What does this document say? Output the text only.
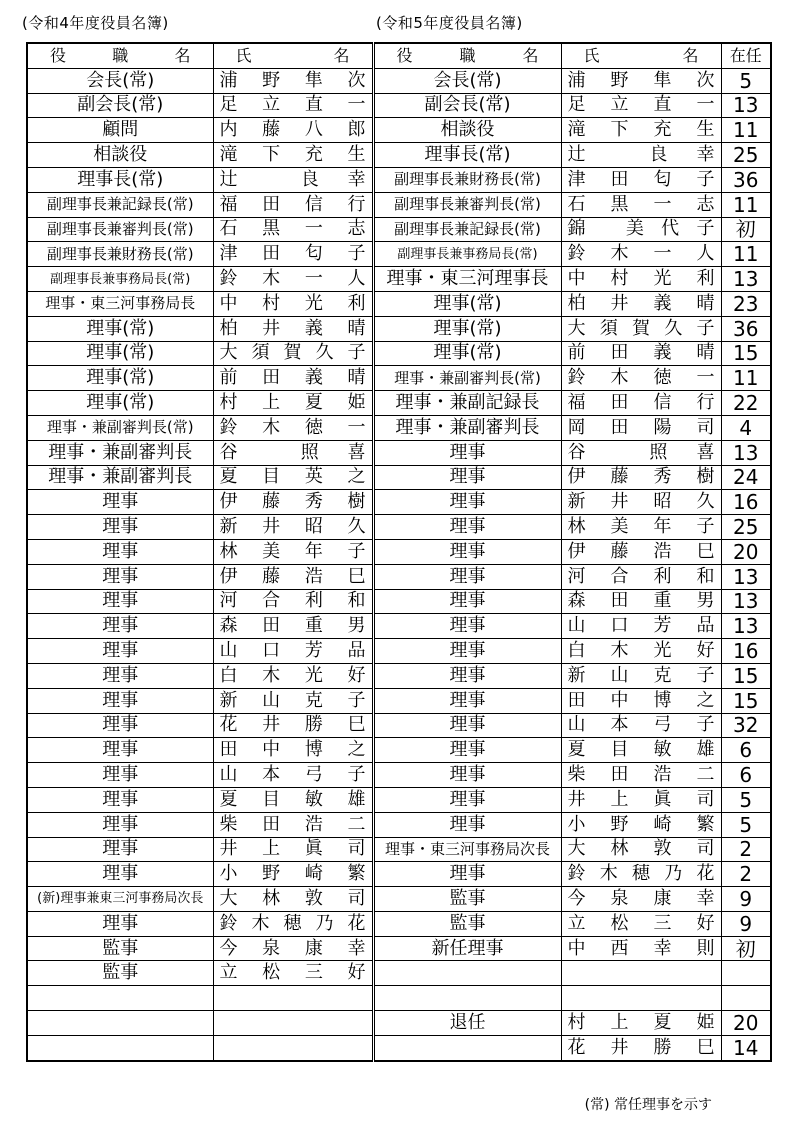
(令和4年度役員名簿)	(令和5年度役員名簿)
役職名	氏名	役職名	氏名	在任
会長(常)	浦野隼次	会長(常)	浦野隼次	5
副会長(常)	足立直一	副会長(常)	足立直一	13
顧問	内藤八郎	相談役	滝下充生	11
相談役	滝下充生	理事長(常)	辻 良幸	25
理事長(常)	辻 良幸	副理事長兼財務長(常)	津田匂子	36
副理事長兼記録長(常)	福田信行	副理事長兼審判長(常)	石黒一志	11
副理事長兼審判長(常)	石黒一志	副理事長兼記録長(常)	錦 美代子	初
副理事長兼財務長(常)	津田匂子	副理事長兼事務局長(常)	鈴木一人	11
副理事長兼事務局長(常)	鈴木一人	理事・東三河理事長	中村光利	13
理事・東三河事務局長	中村光利	理事(常)	柏井義晴	23
理事(常)	柏井義晴	理事(常)	大須賀久子	36
理事(常)	大須賀久子	理事(常)	前田義晴	15
理事(常)	前田義晴	理事・兼副審判長(常)	鈴木徳一	11
理事(常)	村上夏姫	理事・兼副記録長	福田信行	22
理事・兼副審判長(常)	鈴木徳一	理事・兼副審判長	岡田陽司	4
理事・兼副審判長	谷 照喜	理事	谷 照喜	13
理事・兼副審判長	夏目英之	理事	伊藤秀樹	24
理事	伊藤秀樹	理事	新井昭久	16
理事	新井昭久	理事	林美年子	25
理事	林美年子	理事	伊藤浩巳	20
理事	伊藤浩巳	理事	河合利和	13
理事	河合利和	理事	森田重男	13
理事	森田重男	理事	山口芳品	13
理事	山口芳品	理事	白木光好	16
理事	白木光好	理事	新山克子	15
理事	新山克子	理事	田中博之	15
理事	花井勝巳	理事	山本弓子	32
理事	田中博之	理事	夏目敏雄	6
理事	山本弓子	理事	柴田浩二	6
理事	夏目敏雄	理事	井上眞司	5
理事	柴田浩二	理事	小野崎繁	5
理事	井上眞司	理事・東三河事務局次長	大林敦司	2
理事	小野崎繁	理事	鈴木穂乃花	2
(新)理事兼東三河事務局次長	大林敦司	監事	今泉康幸	9
理事	鈴木穂乃花	監事	立松三好	9
監事	今泉康幸	新任理事	中西幸則	初
監事	立松三好			

		退任	村上夏姫	20
			花井勝巳	14
(常) 常任理事を示す
